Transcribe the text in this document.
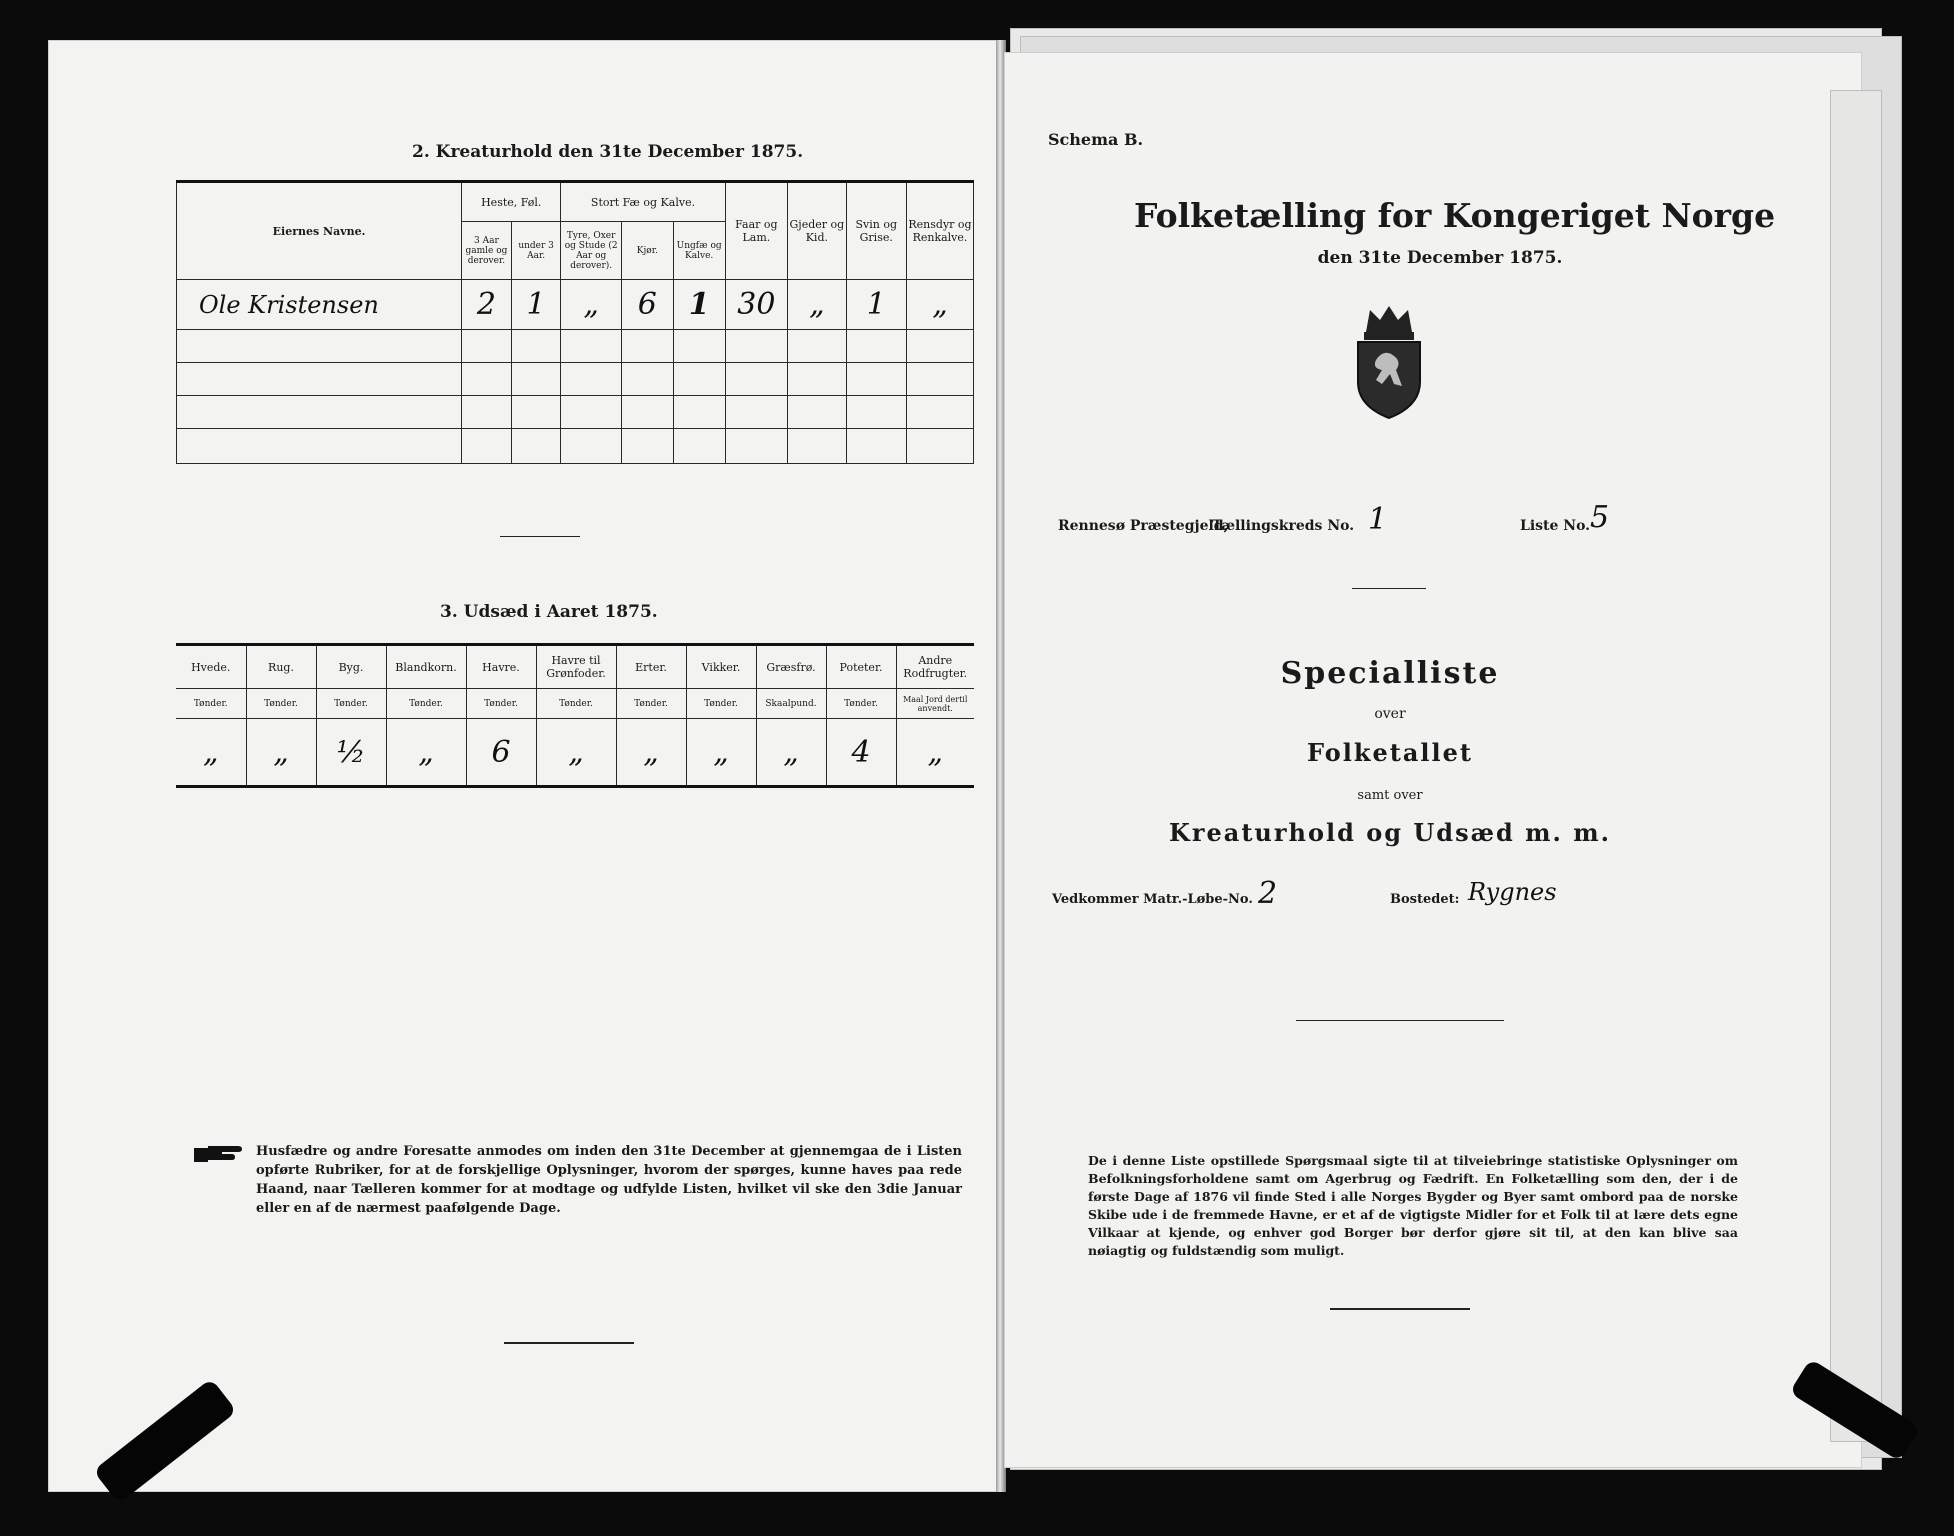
2. Kreaturhold den 31te December 1875.
Eiernes Navne.	Heste, Føl.		Stort Fæ og Kalve.			Faar og Lam.	Gjeder og Kid.	Svin og Grise.	Rensdyr og Renkalve.
	3 Aar gamle og derover.	under 3 Aar.	Tyre, Oxer og Stude (2 Aar og derover).	Kjør.	Ungfæ og Kalve.				
Ole Kristensen	2	1	„	6	1	30	„	1	„

3. Udsæd i Aaret 1875.
Hvede.	Rug.	Byg.	Blandkorn.	Havre.	Havre til Grønfoder.	Erter.	Vikker.	Græsfrø.	Poteter.	Andre Rodfrugter.
Tønder.	Tønder.	Tønder.	Tønder.	Tønder.	Tønder.	Tønder.	Tønder.	Skaalpund.	Tønder.	Maal Jord dertil anvendt.
„	„	½	„	6	„	„	„	„	4	„
Husfædre og andre Foresatte anmodes om inden den 31te December at gjennemgaa de i Listen opførte Rubriker, for at de forskjellige Oplysninger, hvorom der spørges, kunne haves paa rede Haand, naar Tælleren kommer for at modtage og udfylde Listen, hvilket vil ske den 3die Januar eller en af de nærmest paafølgende Dage.
Schema B.
Folketælling for Kongeriget Norge
den 31te December 1875.
Rennesø Præstegjeld,
Tællingskreds No. 1	Liste No. 5
Specialliste
over
Folketallet
samt over
Kreaturhold og Udsæd m. m.
Vedkommer Matr.-Løbe-No. 2	Bostedet: Rygnes
De i denne Liste opstillede Spørgsmaal sigte til at tilveiebringe statistiske Oplysninger om Befolkningsforholdene samt om Agerbrug og Fædrift. En Folketælling som den, der i de første Dage af 1876 vil finde Sted i alle Norges Bygder og Byer samt ombord paa de norske Skibe ude i de fremmede Havne, er et af de vigtigste Midler for et Folk til at lære dets egne Vilkaar at kjende, og enhver god Borger bør derfor gjøre sit til, at den kan blive saa nøiagtig og fuldstændig som muligt.
